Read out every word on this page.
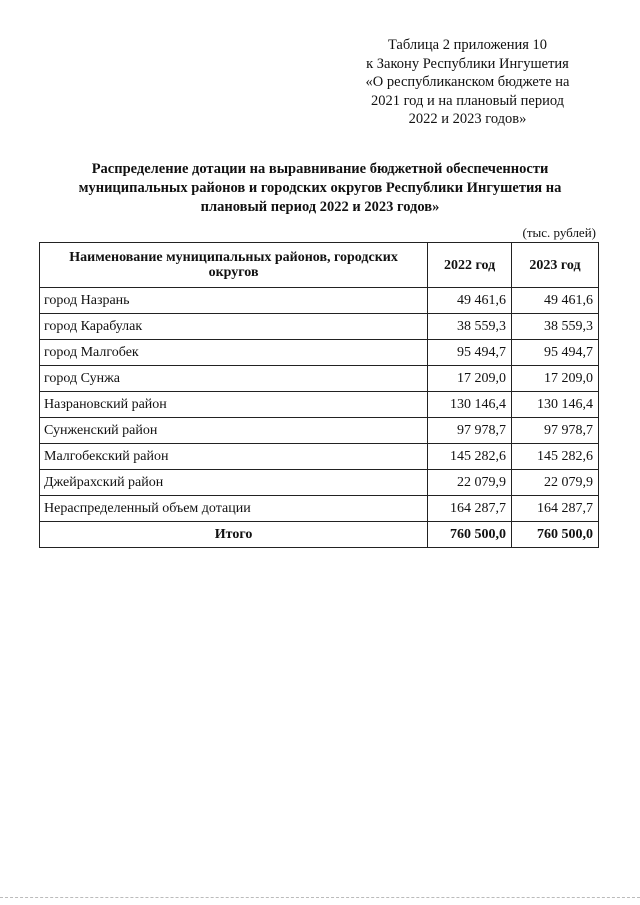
Таблица 2 приложения 10
к Закону Республики Ингушетия
«О республиканском бюджете на
2021 год и на плановый период
2022 и 2023 годов»
Распределение дотации на выравнивание бюджетной обеспеченности
муниципальных районов и городских округов Республики Ингушетия на
плановый период 2022 и 2023 годов»
(тыс. рублей)
Наименование муниципальных районов, городских округов	2022 год	2023 год
город Назрань	49 461,6	49 461,6
город Карабулак	38 559,3	38 559,3
город Малгобек	95 494,7	95 494,7
город Сунжа	17 209,0	17 209,0
Назрановский район	130 146,4	130 146,4
Сунженский район	97 978,7	97 978,7
Малгобекский район	145 282,6	145 282,6
Джейрахский район	22 079,9	22 079,9
Нераспределенный объем дотации	164 287,7	164 287,7
Итого	760 500,0	760 500,0
